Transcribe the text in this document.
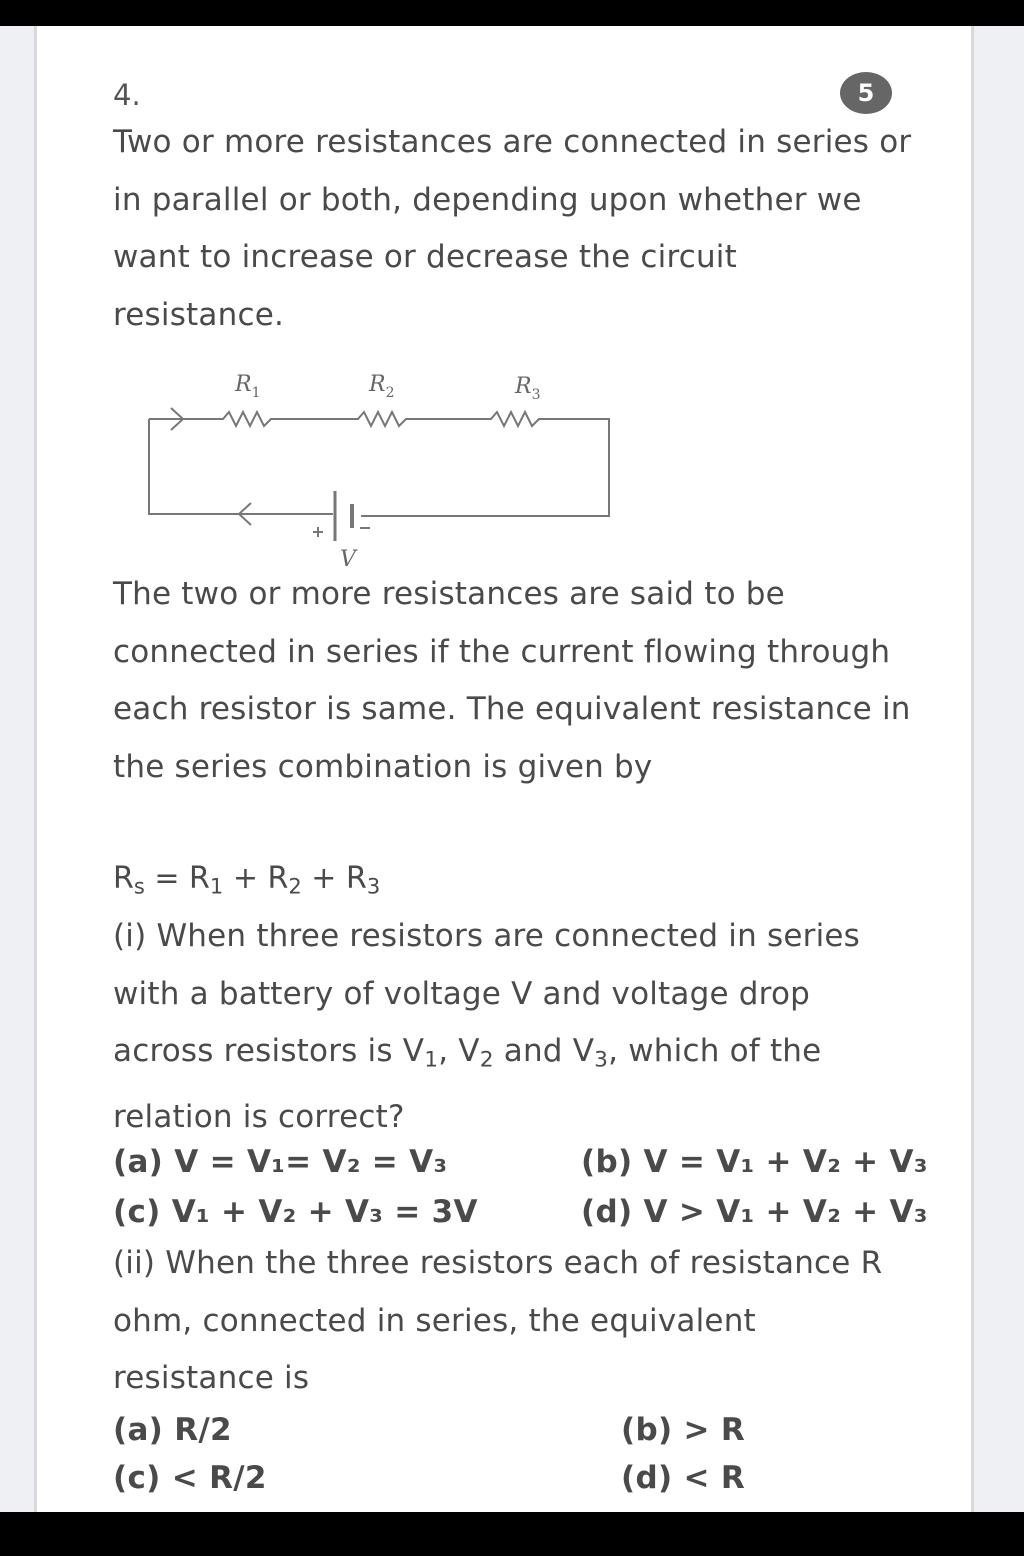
4.	5
Two or more resistances are connected in series or in parallel or both, depending upon whether we want to increase or decrease the circuit resistance.
$R_1$	$R_2$	$R_3$
V
The two or more resistances are said to be connected in series if the current flowing through each resistor is same. The equivalent resistance in the series combination is given by
$R_s = R_1 + R_2 + R_3$
(i) When three resistors are connected in series with a battery of voltage V and voltage drop across resistors is $V_1$, $V_2$ and $V_3$, which of the relation is correct?
(a) V = V₁= V₂ = V₃	(b) V = V₁ + V₂ + V₃
(c) V₁ + V₂ + V₃ = 3V	(d) V > V₁ + V₂ + V₃
(ii) When the three resistors each of resistance R ohm, connected in series, the equivalent resistance is
(a) R/2	(b) > R
(c) < R/2	(d) < R
